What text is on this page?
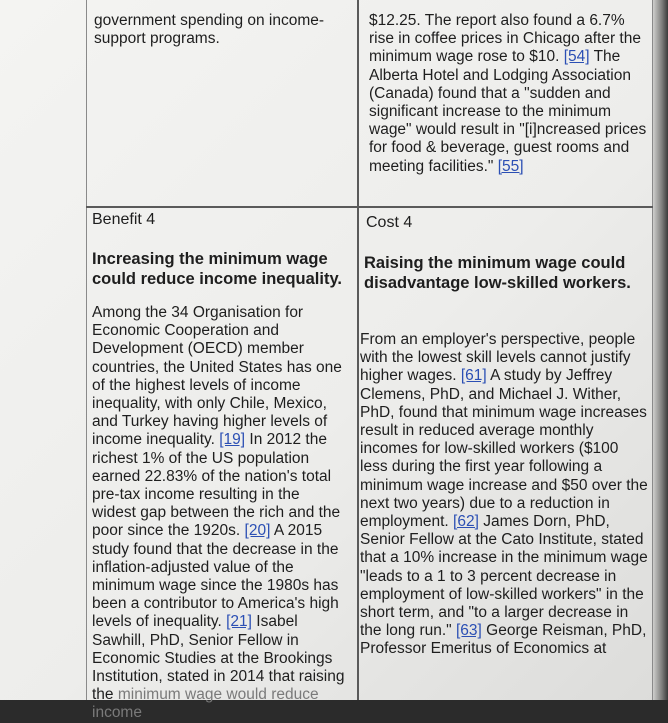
government spending on income-support programs.

$12.25. The report also found a 6.7% rise in coffee prices in Chicago after the minimum wage rose to $10. [54] The Alberta Hotel and Lodging Association (Canada) found that a "sudden and significant increase to the minimum wage" would result in "[i]ncreased prices for food & beverage, guest rooms and meeting facilities." [55]

Benefit 4
Increasing the minimum wage could reduce income inequality.

Among the 34 Organisation for Economic Cooperation and Development (OECD) member countries, the United States has one of the highest levels of income inequality, with only Chile, Mexico, and Turkey having higher levels of income inequality. [19] In 2012 the richest 1% of the US population earned 22.83% of the nation's total pre-tax income resulting in the widest gap between the rich and the poor since the 1920s. [20] A 2015 study found that the decrease in the inflation-adjusted value of the minimum wage since the 1980s has been a contributor to America's high levels of inequality. [21] Isabel Sawhill, PhD, Senior Fellow in Economic Studies at the Brookings Institution, stated in 2014 that raising the minimum wage would reduce income

Cost 4
Raising the minimum wage could disadvantage low-skilled workers.

From an employer's perspective, people with the lowest skill levels cannot justify higher wages. [61] A study by Jeffrey Clemens, PhD, and Michael J. Wither, PhD, found that minimum wage increases result in reduced average monthly incomes for low-skilled workers ($100 less during the first year following a minimum wage increase and $50 over the next two years) due to a reduction in employment. [62] James Dorn, PhD, Senior Fellow at the Cato Institute, stated that a 10% increase in the minimum wage "leads to a 1 to 3 percent decrease in employment of low-skilled workers" in the short term, and "to a larger decrease in the long run." [63] George Reisman, PhD, Professor Emeritus of Economics at
